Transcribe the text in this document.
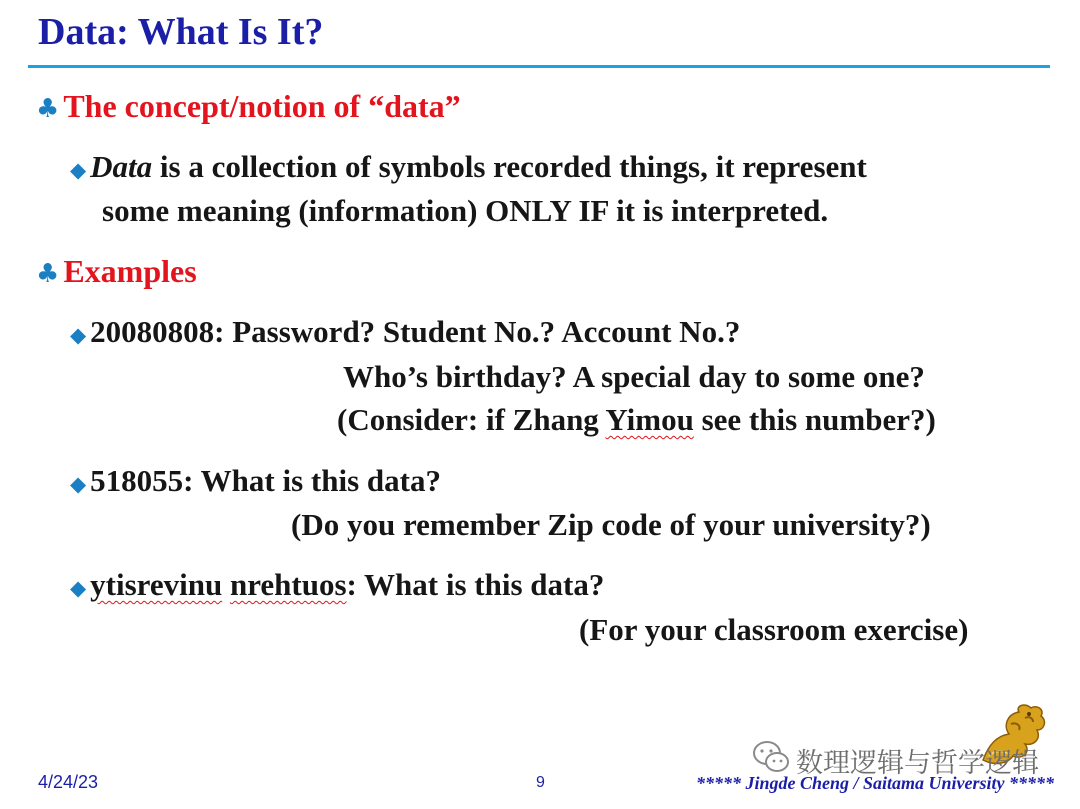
Data: What Is It?
♣ The concept/notion of “data”
◆ Data is a collection of symbols recorded things, it represent
some meaning (information) ONLY IF it is interpreted.
♣ Examples
◆ 20080808: Password? Student No.? Account No.?
Who’s birthday? A special day to some one?
(Consider: if Zhang Yimou see this number?)
◆ 518055: What is this data?
(Do you remember Zip code of your university?)
◆ ytisrevinu nrehtuos: What is this data?
(For your classroom exercise)
数理逻辑与哲学逻辑
4/24/23	9	***** Jingde Cheng / Saitama University *****
